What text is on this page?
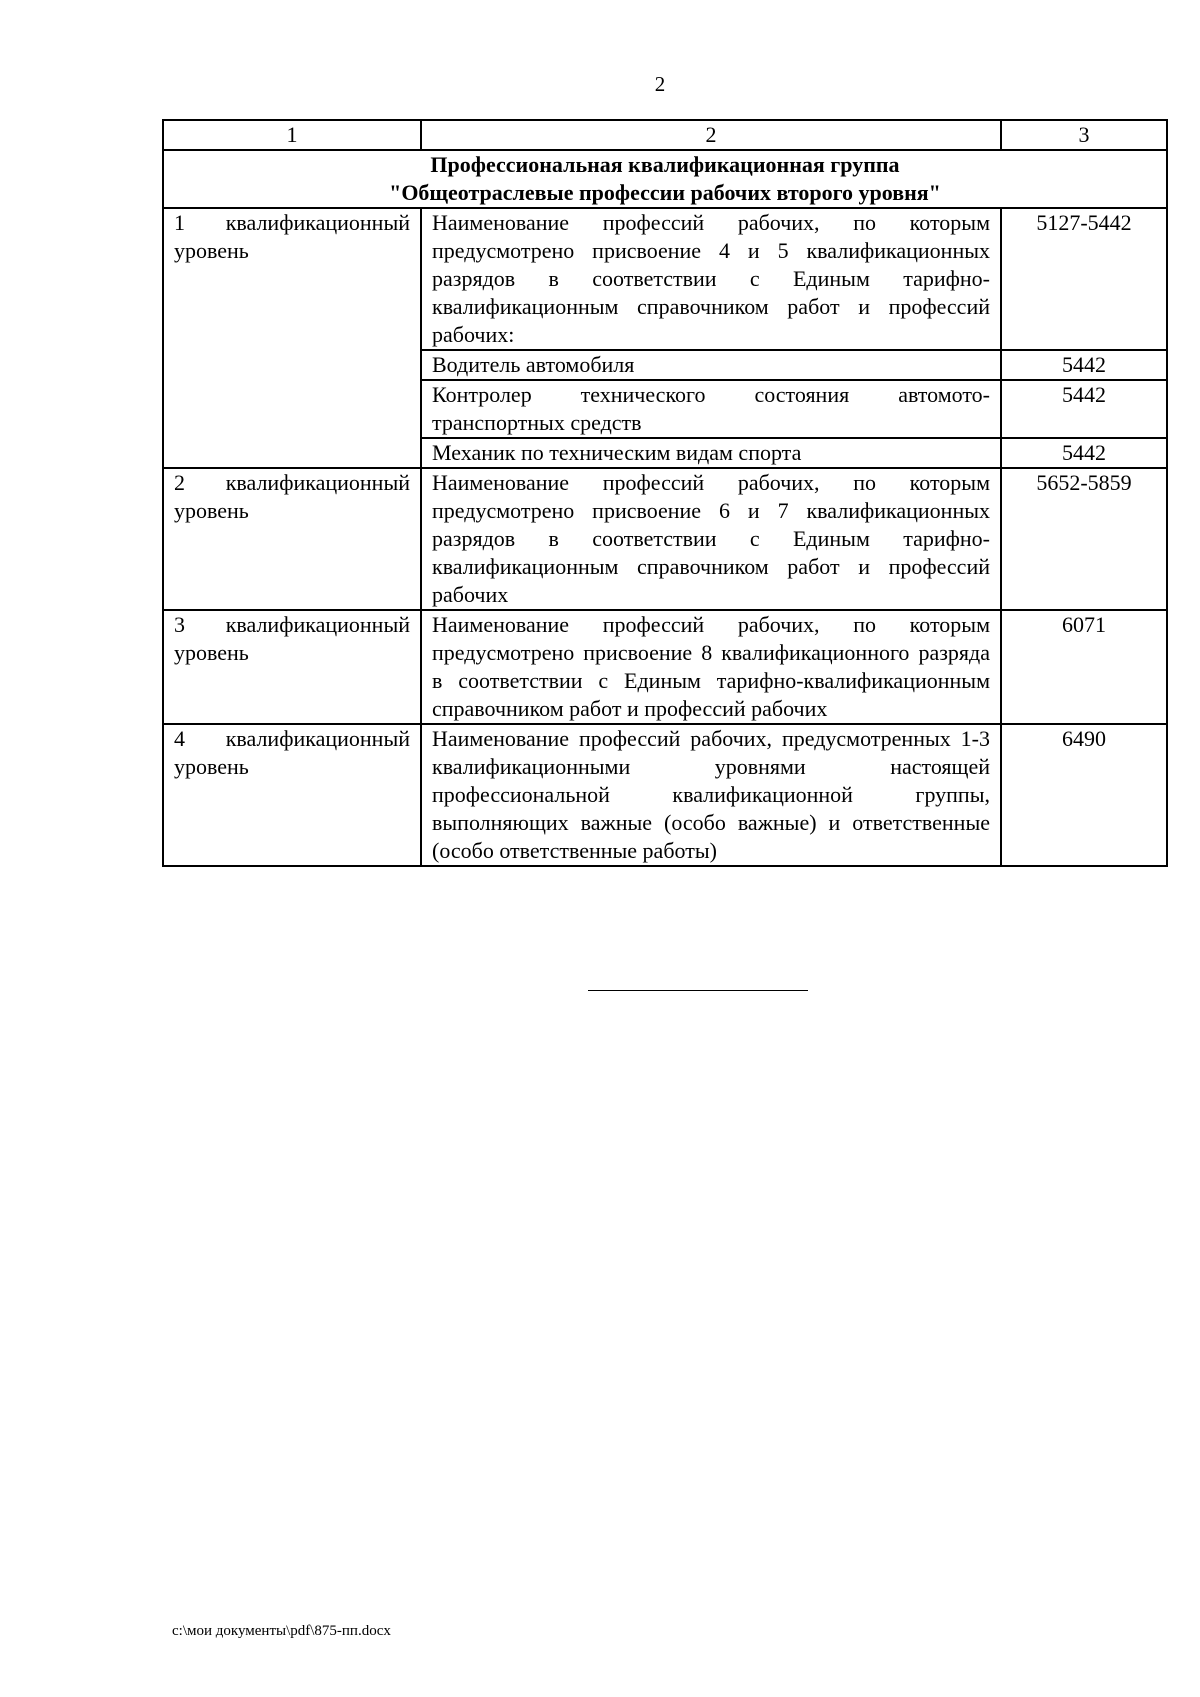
2
1	2	3

Профессиональная квалификационная группа
"Общеотраслевые профессии рабочих второго уровня"		

1 квалификационный уровень	Наименование профессий рабочих, по которым предусмотрено присвоение 4 и 5 квалификационных разрядов в соответствии с Единым тарифно-квалификационным справочником работ и профессий рабочих:	5127-5442
	Водитель автомобиля	5442
	Контролер технического состояния автомото-транспортных средств	5442
	Механик по техническим видам спорта	5442
2 квалификационный уровень	Наименование профессий рабочих, по которым предусмотрено присвоение 6 и 7 квалификационных разрядов в соответствии с Единым тарифно-квалификационным справочником работ и профессий рабочих	5652-5859
3 квалификационный уровень	Наименование профессий рабочих, по которым предусмотрено присвоение 8 квалификационного разряда в соответствии с Единым тарифно-квалификационным справочником работ и профессий рабочих	6071
4 квалификационный уровень	Наименование профессий рабочих, предусмотренных 1-3 квалификационными уровнями настоящей профессиональной квалификационной группы, выполняющих важные (особо важные) и ответственные (особо ответственные работы)	6490
c:\мои документы\pdf\875-пп.docx
